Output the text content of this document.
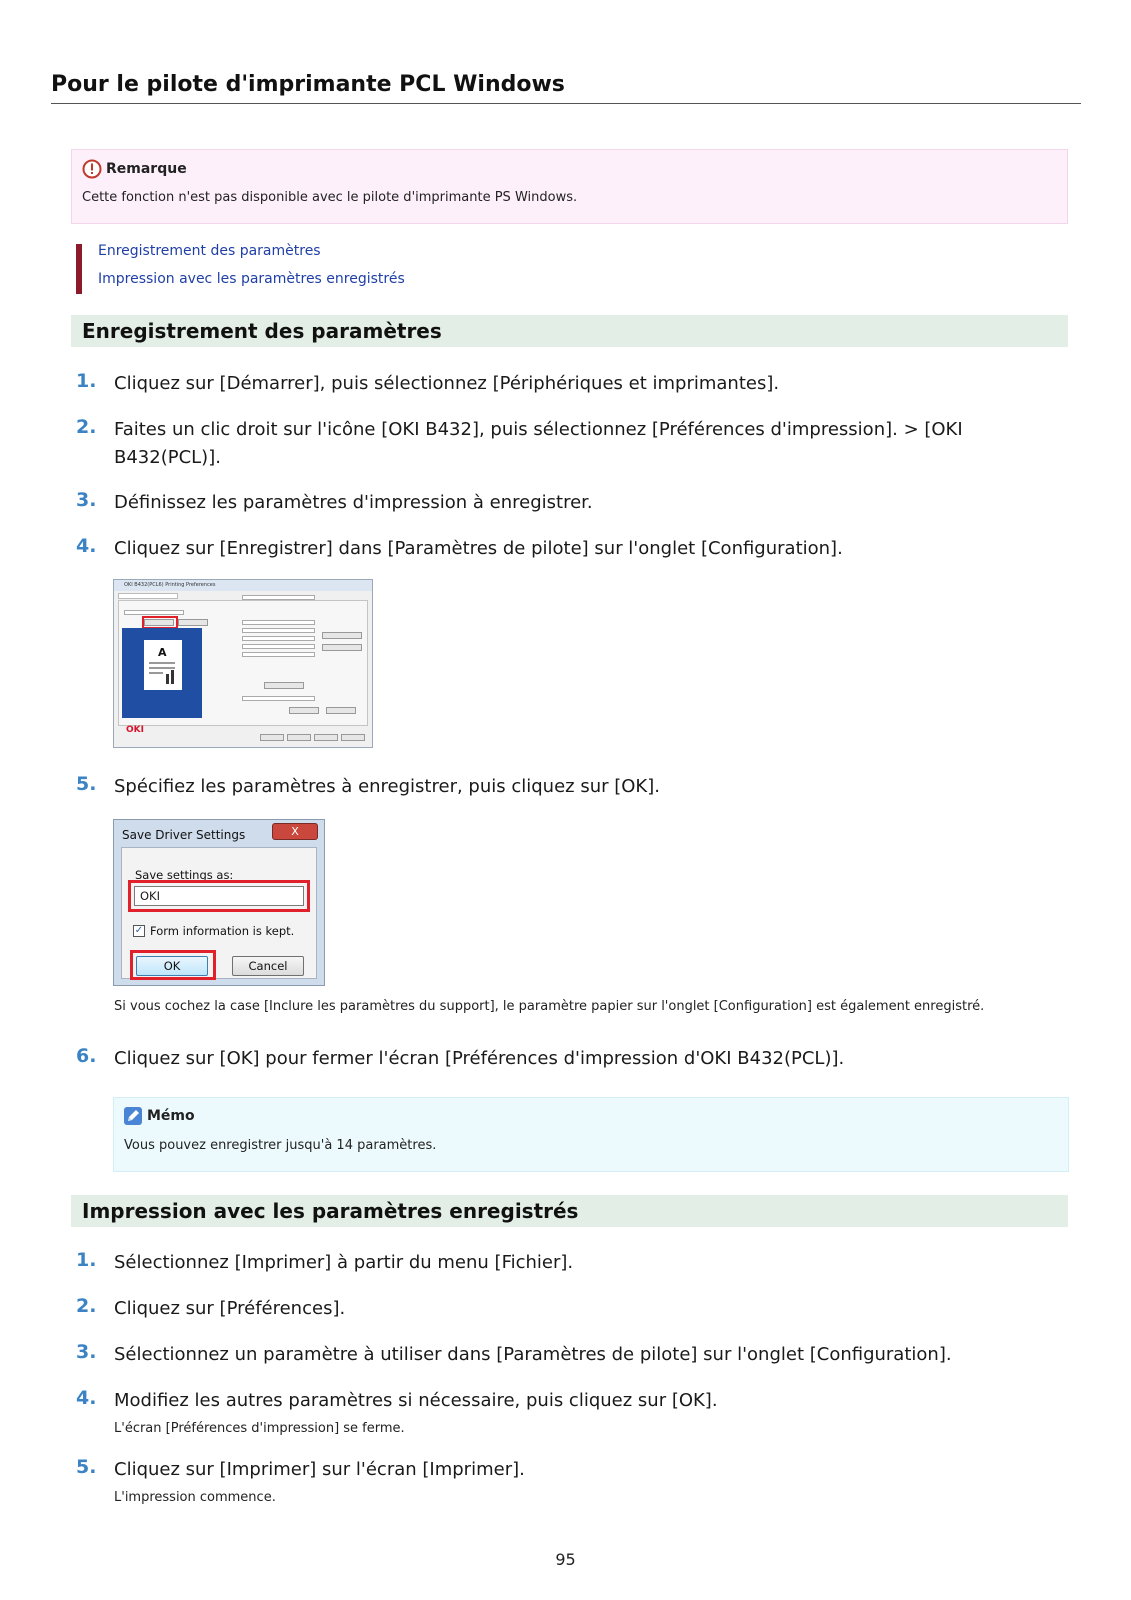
Pour le pilote d'imprimante PCL Windows
Remarque
Cette fonction n'est pas disponible avec le pilote d'imprimante PS Windows.
Enregistrement des paramètres
Impression avec les paramètres enregistrés
Enregistrement des paramètres
1. Cliquez sur [Démarrer], puis sélectionnez [Périphériques et imprimantes].
2. Faites un clic droit sur l'icône [OKI B432], puis sélectionnez [Préférences d'impression]. > [OKI B432(PCL)].
3. Définissez les paramètres d'impression à enregistrer.
4. Cliquez sur [Enregistrer] dans [Paramètres de pilote] sur l'onglet [Configuration].
OKI B432(PCL6) Printing Preferences
A
OKI
5. Spécifiez les paramètres à enregistrer, puis cliquez sur [OK].
Save Driver Settings	X
Save settings as:
OKI
✓ Form information is kept.
OK	Cancel
Si vous cochez la case [Inclure les paramètres du support], le paramètre papier sur l'onglet [Configuration] est également enregistré.
6. Cliquez sur [OK] pour fermer l'écran [Préférences d'impression d'OKI B432(PCL)].
Mémo
Vous pouvez enregistrer jusqu'à 14 paramètres.
Impression avec les paramètres enregistrés
1. Sélectionnez [Imprimer] à partir du menu [Fichier].
2. Cliquez sur [Préférences].
3. Sélectionnez un paramètre à utiliser dans [Paramètres de pilote] sur l'onglet [Configuration].
4. Modifiez les autres paramètres si nécessaire, puis cliquez sur [OK].
L'écran [Préférences d'impression] se ferme.
5. Cliquez sur [Imprimer] sur l'écran [Imprimer].
L'impression commence.
95
